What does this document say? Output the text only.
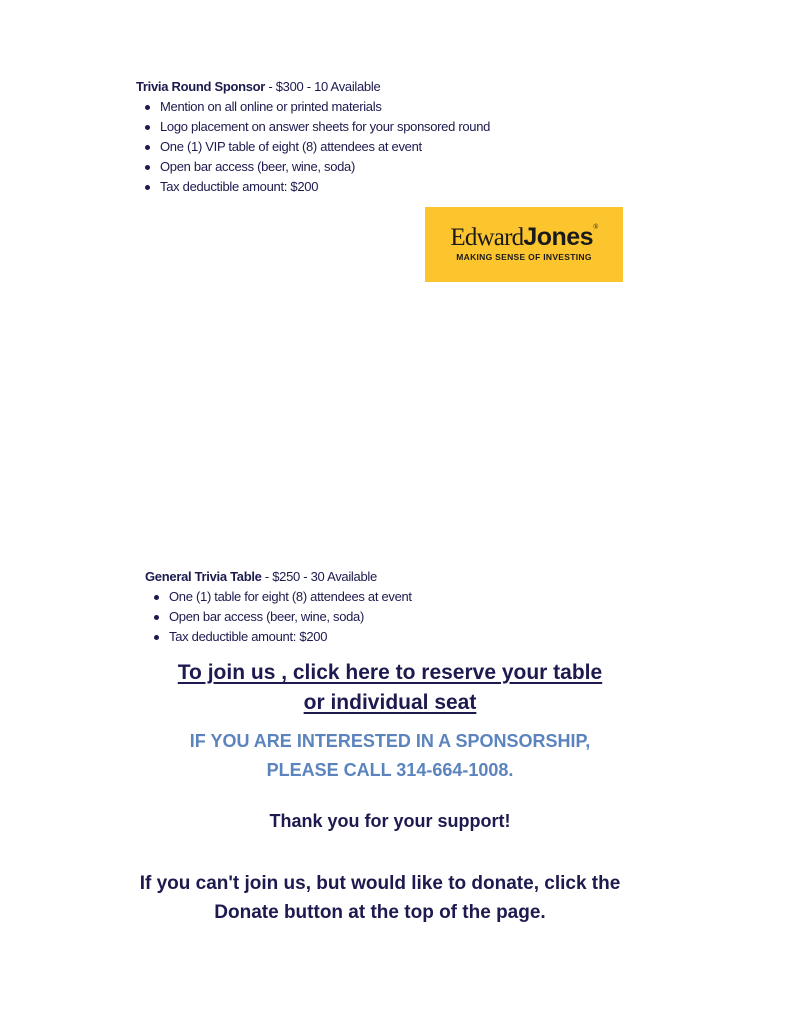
Trivia Round Sponsor - $300 - 10 Available
Mention on all online or printed materials
Logo placement on answer sheets for your sponsored round
One (1) VIP table of eight (8) attendees at event
Open bar access (beer, wine, soda)
Tax deductible amount: $200
EdwardJones®
MAKING SENSE OF INVESTING
General Trivia Table - $250 - 30 Available
One (1) table for eight (8) attendees at event
Open bar access (beer, wine, soda)
Tax deductible amount: $200
To join us , click here to reserve your table
or individual seat
IF YOU ARE INTERESTED IN A SPONSORSHIP,
PLEASE CALL 314-664-1008.
Thank you for your support!
If you can't join us, but would like to donate, click the
Donate button at the top of the page.
